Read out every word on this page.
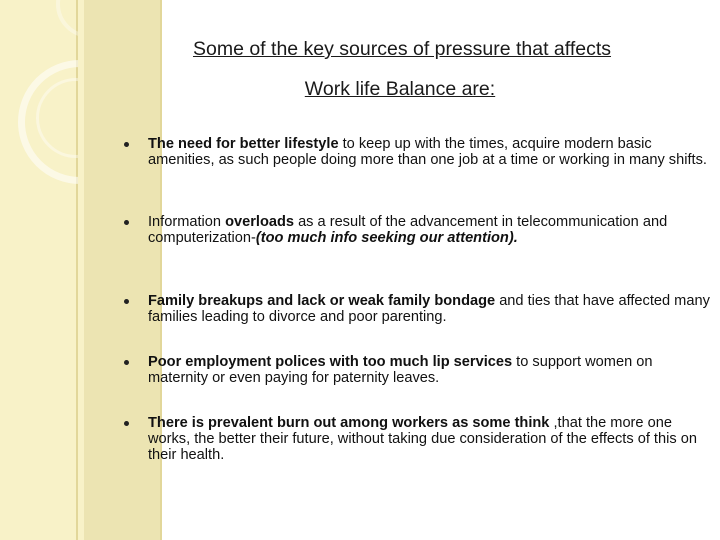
Some of the key sources of pressure that affects
Work life Balance are:
The need for better lifestyle to keep up with the times, acquire modern basic amenities, as such people doing more than one job at a time or working in many shifts.
Information overloads as a result of the advancement in telecommunication and computerization-(too much info seeking our attention).
Family breakups and lack or weak family bondage and ties that have affected many families leading to divorce and poor parenting.
Poor employment polices with too much lip services to support women on maternity or even paying for paternity leaves.
There is prevalent burn out among workers as some think ,that the more one works, the better their future, without taking due consideration of the effects of this on their health.
